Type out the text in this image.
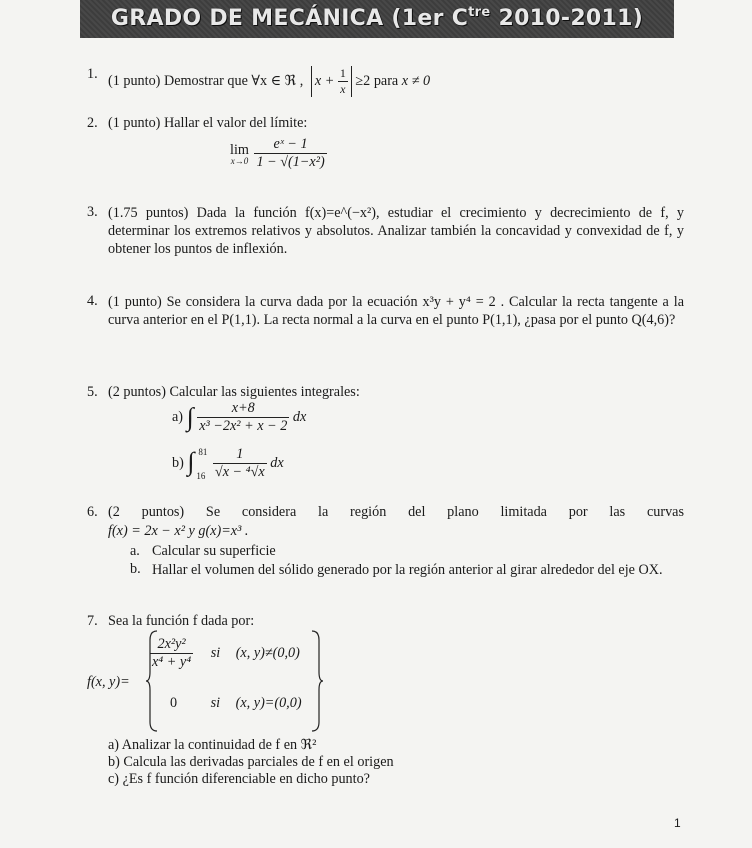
GRADO DE MECÁNICA (1er $C^{tre}$ 2010-2011)
1. (1 punto) Demostrar que ∀x ∈ ℜ , $x + \frac{1}{x} \ge 2$ para x ≠ 0
2. (1 punto) Hallar el valor del límite:
lim
x→0
$\frac{\text{eˣ − 1}}{\text{1 − √(1−x²)}}$
3. (1.75 puntos) Dada la función f(x)=e^(−x²), estudiar el crecimiento y decrecimiento de f, y determinar los extremos relativos y absolutos. Analizar también la concavidad y convexidad de f, y obtener los puntos de inflexión.
4. (1 punto) Se considera la curva dada por la ecuación x³y + y⁴ = 2 . Calcular la recta tangente a la curva anterior en el P(1,1). La recta normal a la curva en el punto P(1,1), ¿pasa por el punto Q(4,6)?
5. (2 puntos) Calcular las siguientes integrales:
a) ∫ $\frac{x+8}{\text{x³ −2x² + x − 2}}$ dx
b) ∫ 81
16
$\frac{1}{\text{√x − ⁴√x}}$ dx
6. (2 puntos) Se considera la región del plano limitada por las curvas
f(x) = 2x − x² y g(x)=x³ .
a. Calcular su superficie
b. Hallar el volumen del sólido generado por la región anterior al girar alrededor del eje OX.
7. Sea la función f dada por:
f(x, y)=
$\frac{\text{2x²y²}}{\text{x⁴ + y⁴}}$ si (x, y)≠(0,0)
0 si (x, y)=(0,0)
a) Analizar la continuidad de f en ℜ²
b) Calcula las derivadas parciales de f en el origen
c) ¿Es f función diferenciable en dicho punto?
1
